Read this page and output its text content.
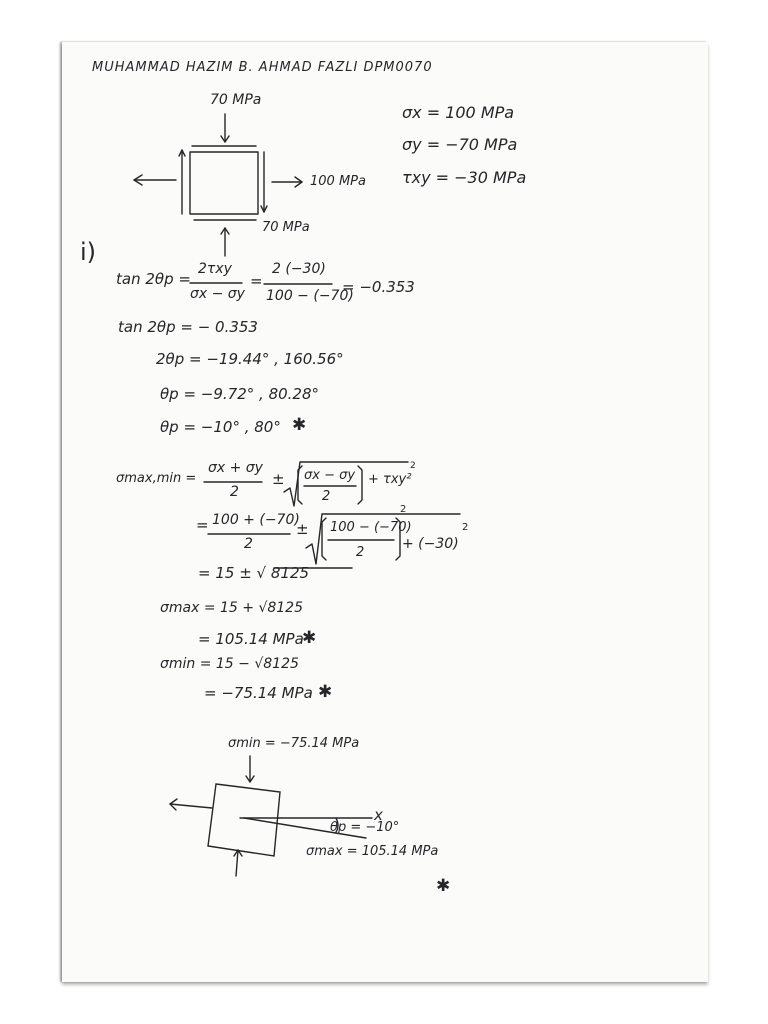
MUHAMMAD HAZIM B. AHMAD FAZLI DPM0070
σx = 100 MPa
σy = −70 MPa
τxy = −30 MPa
70 MPa
100 MPa
70 MPa
i)
tan 2θp =
2τxy
σx − σy
=
2 (−30)
100 − (−70)
= −0.353
tan 2θp = − 0.353
2θp = −19.44° , 160.56°
θp = −9.72° , 80.28°
θp = −10° , 80° ✱
σmax,min =
σx + σy
2
± σx − σy
2
+ τxy²
= 100 + (−70)
2
± 100 − (−70)
2
+ (−30)
2
2
2
= 15 ± √ 8125
σmax = 15 + √8125
= 105.14 MPa
✱
σmin = 15 − √8125
= −75.14 MPa ✱
σmin = −75.14 MPa
x
θp = −10°
σmax = 105.14 MPa
✱
